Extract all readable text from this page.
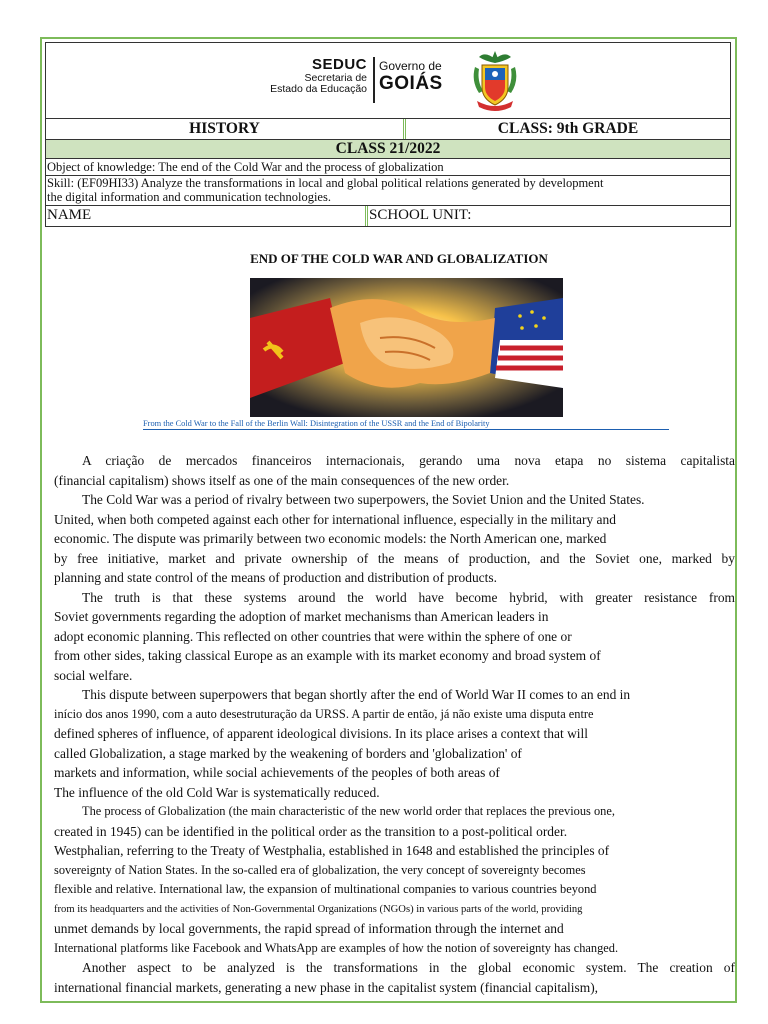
SEDUC
Secretaria de
Estado da Educação
Governo de
GOIÁS
HISTORY	CLASS: 9th GRADE
CLASS 21/2022
Object of knowledge: The end of the Cold War and the process of globalization
Skill: (EF09HI33) Analyze the transformations in local and global political relations generated by development
the digital information and communication technologies.
NAME	SCHOOL UNIT:
END OF THE COLD WAR AND GLOBALIZATION
From the Cold War to the Fall of the Berlin Wall: Disintegration of the USSR and the End of Bipolarity
A criação de mercados financeiros internacionais, gerando uma nova etapa no sistema capitalista
(financial capitalism) shows itself as one of the main consequences of the new order.
The Cold War was a period of rivalry between two superpowers, the Soviet Union and the United States.
United, when both competed against each other for international influence, especially in the military and
economic. The dispute was primarily between two economic models: the North American one, marked
by free initiative, market and private ownership of the means of production, and the Soviet one, marked by
planning and state control of the means of production and distribution of products.
The truth is that these systems around the world have become hybrid, with greater resistance from
Soviet governments regarding the adoption of market mechanisms than American leaders in
adopt economic planning. This reflected on other countries that were within the sphere of one or
from other sides, taking classical Europe as an example with its market economy and broad system of
social welfare.
This dispute between superpowers that began shortly after the end of World War II comes to an end in
início dos anos 1990, com a auto desestruturação da URSS. A partir de então, já não existe uma disputa entre
defined spheres of influence, of apparent ideological divisions. In its place arises a context that will
called Globalization, a stage marked by the weakening of borders and 'globalization' of
markets and information, while social achievements of the peoples of both areas of
The influence of the old Cold War is systematically reduced.
The process of Globalization (the main characteristic of the new world order that replaces the previous one,
created in 1945) can be identified in the political order as the transition to a post-political order.
Westphalian, referring to the Treaty of Westphalia, established in 1648 and established the principles of
sovereignty of Nation States. In the so-called era of globalization, the very concept of sovereignty becomes
flexible and relative. International law, the expansion of multinational companies to various countries beyond
from its headquarters and the activities of Non-Governmental Organizations (NGOs) in various parts of the world, providing
unmet demands by local governments, the rapid spread of information through the internet and
International platforms like Facebook and WhatsApp are examples of how the notion of sovereignty has changed.
Another aspect to be analyzed is the transformations in the global economic system. The creation of
international financial markets, generating a new phase in the capitalist system (financial capitalism),
